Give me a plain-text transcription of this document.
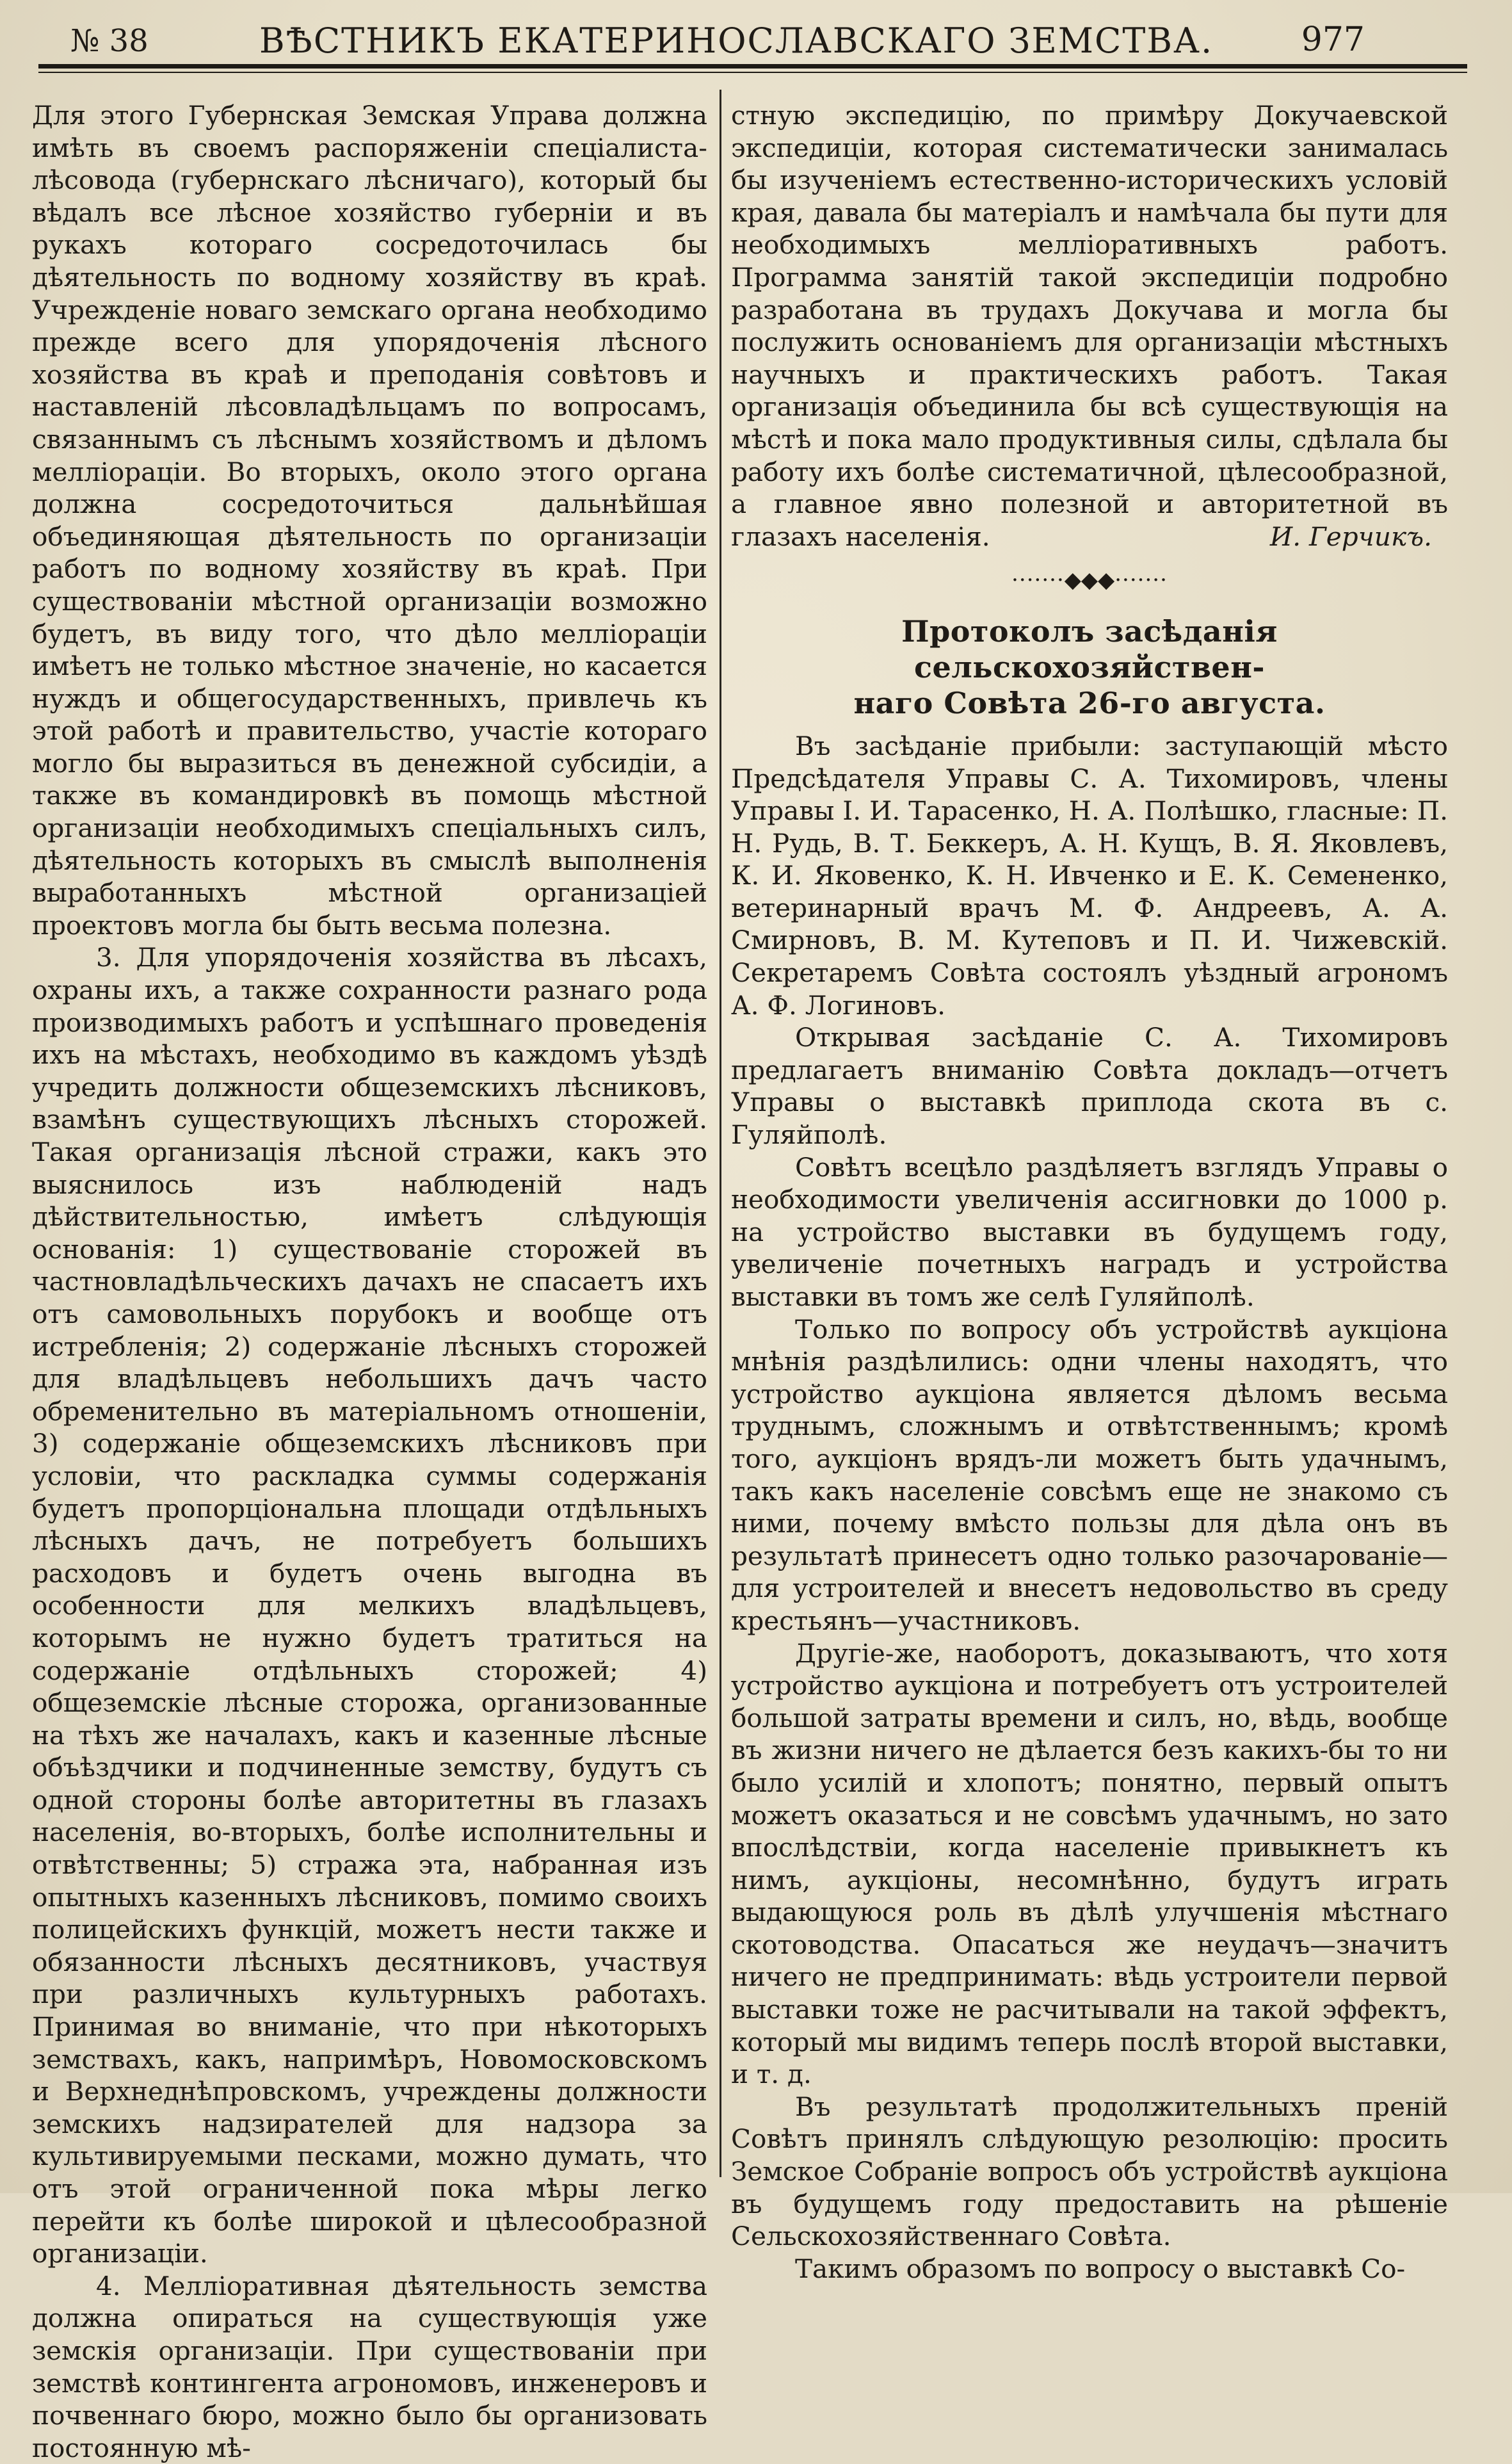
№ 38	ВѢСТНИКЪ ЕКАТЕРИНОСЛАВСКАГО ЗЕМСТВА.	977

Для этого Губернская Земская Управа должна имѣть въ своемъ распоряженіи спеціалиста-лѣсовода (губернскаго лѣсничаго), который бы вѣдалъ все лѣсное хозяйство губерніи и въ рукахъ котораго сосредоточилась бы дѣятельность по водному хозяйству въ краѣ. Учрежденіе новаго земскаго органа необходимо прежде всего для упорядоченія лѣсного хозяйства въ краѣ и преподанія совѣтовъ и наставленій лѣсовладѣльцамъ по вопросамъ, связаннымъ съ лѣснымъ хозяйствомъ и дѣломъ мелліораціи. Во вторыхъ, около этого органа должна сосредоточиться дальнѣйшая объединяющая дѣятельность по организаціи работъ по водному хозяйству въ краѣ. При существованіи мѣстной организаціи возможно будетъ, въ виду того, что дѣло мелліораціи имѣетъ не только мѣстное значеніе, но касается нуждъ и общегосударственныхъ, привлечь къ этой работѣ и правительство, участіе котораго могло бы выразиться въ денежной субсидіи, а также въ командировкѣ въ помощь мѣстной организаціи необходимыхъ спеціальныхъ силъ, дѣятельность которыхъ въ смыслѣ выполненія выработанныхъ мѣстной организаціей проектовъ могла бы быть весьма полезна.

3. Для упорядоченія хозяйства въ лѣсахъ, охраны ихъ, а также сохранности разнаго рода производимыхъ работъ и успѣшнаго проведенія ихъ на мѣстахъ, необходимо въ каждомъ уѣздѣ учредить должности общеземскихъ лѣсниковъ, взамѣнъ существующихъ лѣсныхъ сторожей. Такая организація лѣсной стражи, какъ это выяснилось изъ наблюденій надъ дѣйствительностью, имѣетъ слѣдующія основанія: 1) существованіе сторожей въ частновладѣльческихъ дачахъ не спасаетъ ихъ отъ самовольныхъ порубокъ и вообще отъ истребленія; 2) содержаніе лѣсныхъ сторожей для владѣльцевъ небольшихъ дачъ часто обременительно въ матеріальномъ отношеніи, 3) содержаніе общеземскихъ лѣсниковъ при условіи, что раскладка суммы содержанія будетъ пропорціональна площади отдѣльныхъ лѣсныхъ дачъ, не потребуетъ большихъ расходовъ и будетъ очень выгодна въ особенности для мелкихъ владѣльцевъ, которымъ не нужно будетъ тратиться на содержаніе отдѣльныхъ сторожей; 4) общеземскіе лѣсные сторожа, организованные на тѣхъ же началахъ, какъ и казенные лѣсные объѣздчики и подчиненные земству, будутъ съ одной стороны болѣе авторитетны въ глазахъ населенія, во-вторыхъ, болѣе исполнительны и отвѣтственны; 5) стража эта, набранная изъ опытныхъ казенныхъ лѣсниковъ, помимо своихъ полицейскихъ функцій, можетъ нести также и обязанности лѣсныхъ десятниковъ, участвуя при различныхъ культурныхъ работахъ. Принимая во вниманіе, что при нѣкоторыхъ земствахъ, какъ, напримѣръ, Новомосковскомъ и Верхнеднѣпровскомъ, учреждены должности земскихъ надзирателей для надзора за культивируемыми песками, можно думать, что отъ этой ограниченной пока мѣры легко перейти къ болѣе широкой и цѣлесообразной организаціи.

4. Мелліоративная дѣятельность земства должна опираться на существующія уже земскія организаціи. При существованіи при земствѣ контингента агрономовъ, инженеровъ и почвеннаго бюро, можно было бы организовать постоянную мѣ-

стную экспедицію, по примѣру Докучаевской экспедиціи, которая систематически занималась бы изученіемъ естественно-историческихъ условій края, давала бы матеріалъ и намѣчала бы пути для необходимыхъ мелліоративныхъ работъ. Программа занятій такой экспедиціи подробно разработана въ трудахъ Докучава и могла бы послужить основаніемъ для организаціи мѣстныхъ научныхъ и практическихъ работъ. Такая организація объединила бы всѣ существующія на мѣстѣ и пока мало продуктивныя силы, сдѣлала бы работу ихъ болѣе систематичной, цѣлесообразной, а главное явно полезной и авторитетной въ глазахъ населенія.	И. Герчикъ.

·······◆◆◆·······
Протоколъ засѣданія сельскохозяйствен-
наго Совѣта 26-го августа.

Въ засѣданіе прибыли: заступающій мѣсто Предсѣдателя Управы С. А. Тихомировъ, члены Управы І. И. Тарасенко, Н. А. Полѣшко, гласные: П. Н. Рудь, В. Т. Беккеръ, А. Н. Кущъ, В. Я. Яковлевъ, К. И. Яковенко, К. Н. Ивченко и Е. К. Семененко, ветеринарный врачъ М. Ф. Андреевъ, А. А. Смирновъ, В. М. Кутеповъ и П. И. Чижевскій. Секретаремъ Совѣта состоялъ уѣздный агрономъ А. Ф. Логиновъ.

Открывая засѣданіе С. А. Тихомировъ предлагаетъ вниманію Совѣта докладъ—отчетъ Управы о выставкѣ приплода скота въ с. Гуляйполѣ.

Совѣтъ всецѣло раздѣляетъ взглядъ Управы о необходимости увеличенія ассигновки до 1000 р. на устройство выставки въ будущемъ году, увеличеніе почетныхъ наградъ и устройства выставки въ томъ же селѣ Гуляйполѣ.

Только по вопросу объ устройствѣ аукціона мнѣнія раздѣлились: одни члены находятъ, что устройство аукціона является дѣломъ весьма труднымъ, сложнымъ и отвѣтственнымъ; кромѣ того, аукціонъ врядъ-ли можетъ быть удачнымъ, такъ какъ населеніе совсѣмъ еще не знакомо съ ними, почему вмѣсто пользы для дѣла онъ въ результатѣ принесетъ одно только разочарованіе—для устроителей и внесетъ недовольство въ среду крестьянъ—участниковъ.

Другіе-же, наоборотъ, доказываютъ, что хотя устройство аукціона и потребуетъ отъ устроителей большой затраты времени и силъ, но, вѣдь, вообще въ жизни ничего не дѣлается безъ какихъ-бы то ни было усилій и хлопотъ; понятно, первый опытъ можетъ оказаться и не совсѣмъ удачнымъ, но зато впослѣдствіи, когда населеніе привыкнетъ къ нимъ, аукціоны, несомнѣнно, будутъ играть выдающуюся роль въ дѣлѣ улучшенія мѣстнаго скотоводства. Опасаться же неудачъ—значитъ ничего не предпринимать: вѣдь устроители первой выставки тоже не расчитывали на такой эффектъ, который мы видимъ теперь послѣ второй выставки, и т. д.

Въ результатѣ продолжительныхъ преній Совѣтъ принялъ слѣдующую резолюцію: просить Земское Собраніе вопросъ объ устройствѣ аукціона въ будущемъ году предоставить на рѣшеніе Сельскохозяйственнаго Совѣта.

Такимъ образомъ по вопросу о выставкѣ Со-
